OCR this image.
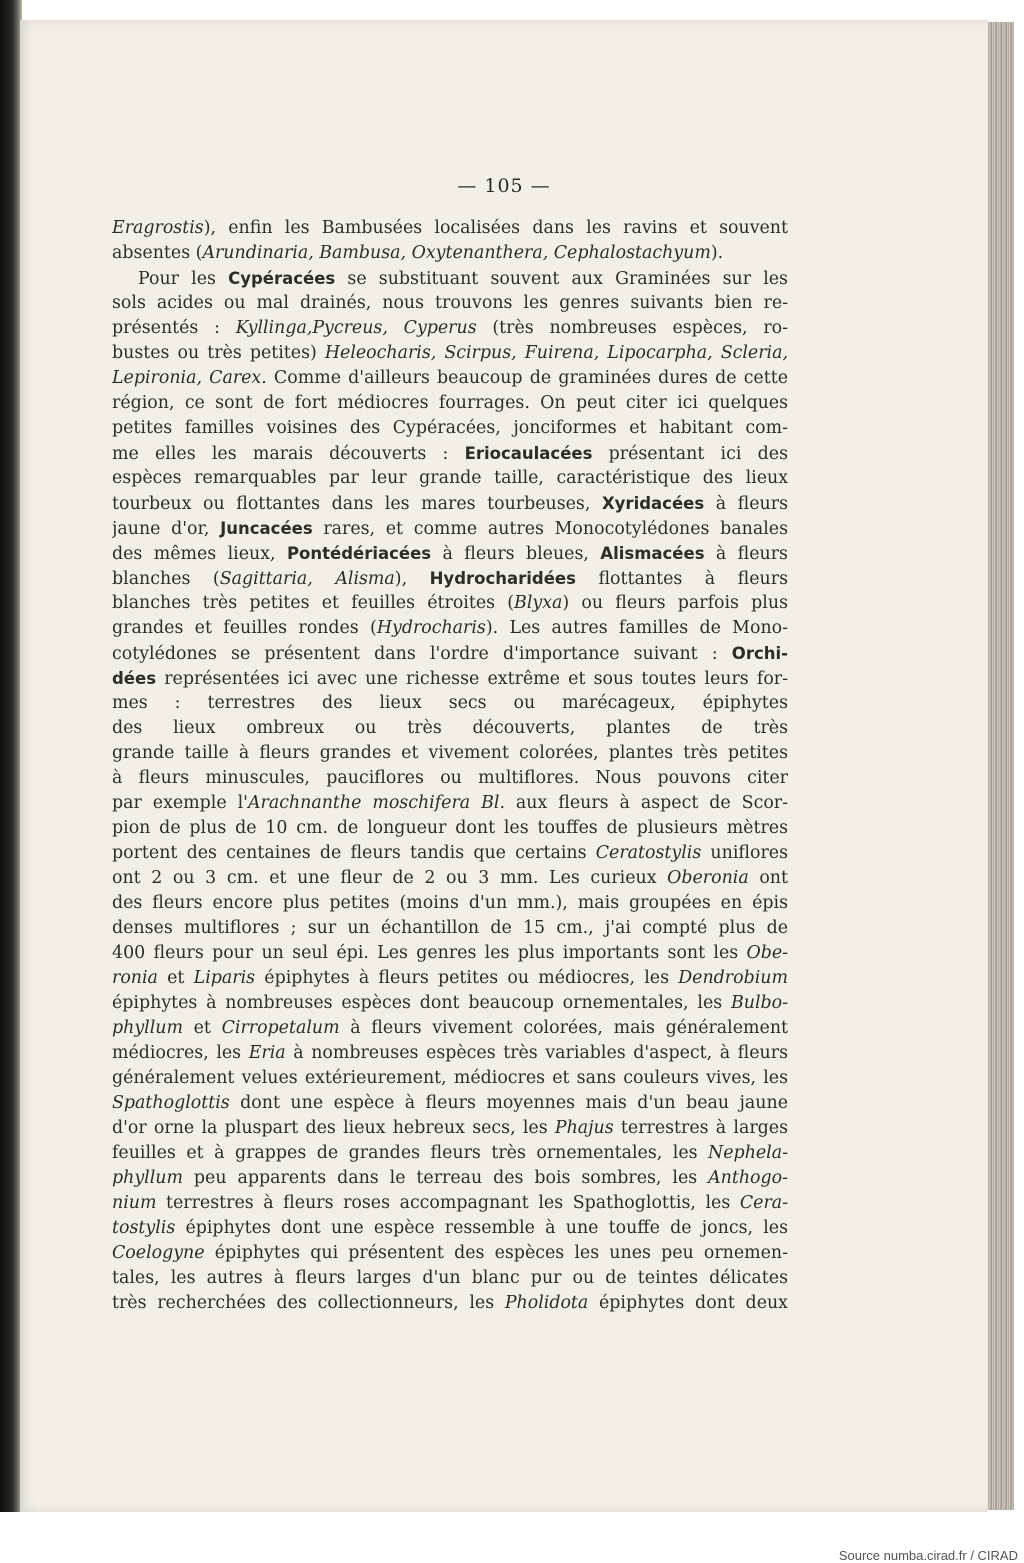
— 105 —
Eragrostis), enfin les Bambusées localisées dans les ravins et souvent
absentes (Arundinaria, Bambusa, Oxytenanthera, Cephalostachyum).
Pour les Cypéracées se substituant souvent aux Graminées sur les
sols acides ou mal drainés, nous trouvons les genres suivants bien re-
présentés : Kyllinga,Pycreus, Cyperus (très nombreuses espèces, ro-
bustes ou très petites) Heleocharis, Scirpus, Fuirena, Lipocarpha, Scleria,
Lepironia, Carex. Comme d'ailleurs beaucoup de graminées dures de cette
région, ce sont de fort médiocres fourrages. On peut citer ici quelques
petites familles voisines des Cypéracées, jonciformes et habitant com-
me elles les marais découverts : Eriocaulacées présentant ici des
espèces remarquables par leur grande taille, caractéristique des lieux
tourbeux ou flottantes dans les mares tourbeuses, Xyridacées à fleurs
jaune d'or, Juncacées rares, et comme autres Monocotylédones banales
des mêmes lieux, Pontédériacées à fleurs bleues, Alismacées à fleurs
blanches (Sagittaria, Alisma), Hydrocharidées flottantes à fleurs
blanches très petites et feuilles étroites (Blyxa) ou fleurs parfois plus
grandes et feuilles rondes (Hydrocharis). Les autres familles de Mono-
cotylédones se présentent dans l'ordre d'importance suivant : Orchi-
dées représentées ici avec une richesse extrême et sous toutes leurs for-
mes : terrestres des lieux secs ou marécageux, épiphytes
des lieux ombreux ou très découverts, plantes de très
grande taille à fleurs grandes et vivement colorées, plantes très petites
à fleurs minuscules, pauciflores ou multiflores. Nous pouvons citer
par exemple l'Arachnanthe moschifera Bl. aux fleurs à aspect de Scor-
pion de plus de 10 cm. de longueur dont les touffes de plusieurs mètres
portent des centaines de fleurs tandis que certains Ceratostylis uniflores
ont 2 ou 3 cm. et une fleur de 2 ou 3 mm. Les curieux Oberonia ont
des fleurs encore plus petites (moins d'un mm.), mais groupées en épis
denses multiflores ; sur un échantillon de 15 cm., j'ai compté plus de
400 fleurs pour un seul épi. Les genres les plus importants sont les Obe-
ronia et Liparis épiphytes à fleurs petites ou médiocres, les Dendrobium
épiphytes à nombreuses espèces dont beaucoup ornementales, les Bulbo-
phyllum et Cirropetalum à fleurs vivement colorées, mais généralement
médiocres, les Eria à nombreuses espèces très variables d'aspect, à fleurs
généralement velues extérieurement, médiocres et sans couleurs vives, les
Spathoglottis dont une espèce à fleurs moyennes mais d'un beau jaune
d'or orne la pluspart des lieux hebreux secs, les Phajus terrestres à larges
feuilles et à grappes de grandes fleurs très ornementales, les Nephela-
phyllum peu apparents dans le terreau des bois sombres, les Anthogo-
nium terrestres à fleurs roses accompagnant les Spathoglottis, les Cera-
tostylis épiphytes dont une espèce ressemble à une touffe de joncs, les
Coelogyne épiphytes qui présentent des espèces les unes peu ornemen-
tales, les autres à fleurs larges d'un blanc pur ou de teintes délicates
très recherchées des collectionneurs, les Pholidota épiphytes dont deux
Source numba.cirad.fr / CIRAD
